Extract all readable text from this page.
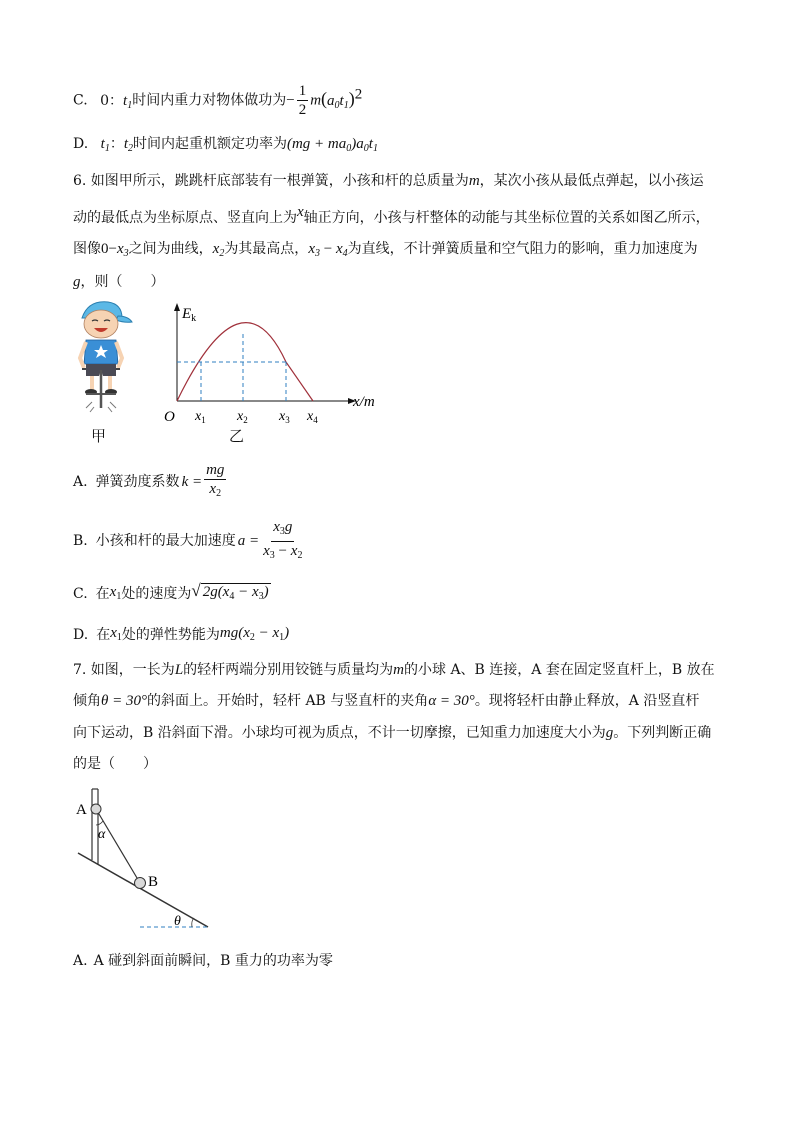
C. 0：$t_1$时间内重力对物体做功为− $\frac{1}{2} m(a_0t_1)^2$
D. $t_1$：$t_2$时间内起重机额定功率为$(mg + ma_0)a_0t_1$
6. 如图甲所示，跳跳杆底部装有一根弹簧，小孩和杆的总质量为m，某次小孩从最低点弹起，以小孩运
动的最低点为坐标原点、竖直向上为$^x$轴正方向，小孩与杆整体的动能与其坐标位置的关系如图乙所示，
图像$0-x_3$之间为曲线，$x_2$为其最高点，$x_3 - x_4$为直线，不计弹簧质量和空气阻力的影响，重力加速度为
g，则（　　）
甲
$E_k$
x/m
O $x_1$ $x_2$ $x_3$ $x_4$
乙
A. 弹簧劲度系数 $k = \frac{mg}{x_2}$
B. 小孩和杆的最大加速度 $a = \frac{x_3g}{x_3 - x_2}$
C. 在 $x_1$ 处的速度为 √ $2g(x_4 - x_3)$
D. 在 $x_1$ 处的弹性势能为 $mg(x_2 - x_1)$
7. 如图，一长为L的轻杆两端分别用铰链与质量均为m的小球 A、B 连接，A 套在固定竖直杆上，B 放在
倾角θ = 30°的斜面上。开始时，轻杆 AB 与竖直杆的夹角α = 30°。现将轻杆由静止释放，A 沿竖直杆
向下运动，B 沿斜面下滑。小球均可视为质点，不计一切摩擦，已知重力加速度大小为g。下列判断正确
的是（　　）
A
B
α
θ
A. A 碰到斜面前瞬间，B 重力的功率为零
